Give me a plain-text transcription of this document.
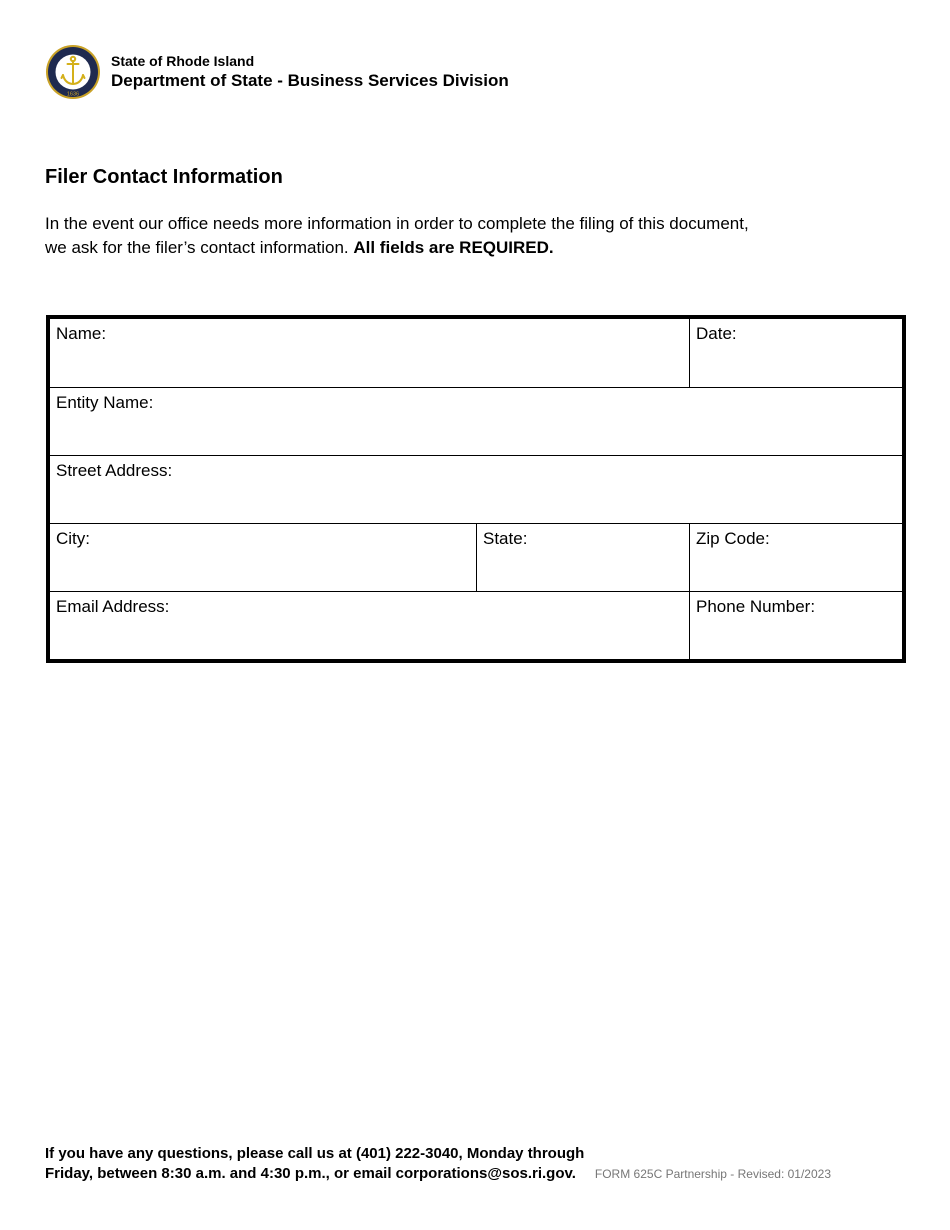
1636
State of Rhode Island
Department of State - Business Services Division
Filer Contact Information

In the event our office needs more information in order to complete the filing of this document, we ask for the filer’s contact information. All fields are REQUIRED.

Name:	Date:
Entity Name:
Street Address:
City:	State:	Zip Code:
Email Address:	Phone Number:
If you have any questions, please call us at (401) 222-3040, Monday through
Friday, between 8:30 a.m. and 4:30 p.m., or email corporations@sos.ri.gov. FORM 625C Partnership - Revised: 01/2023
